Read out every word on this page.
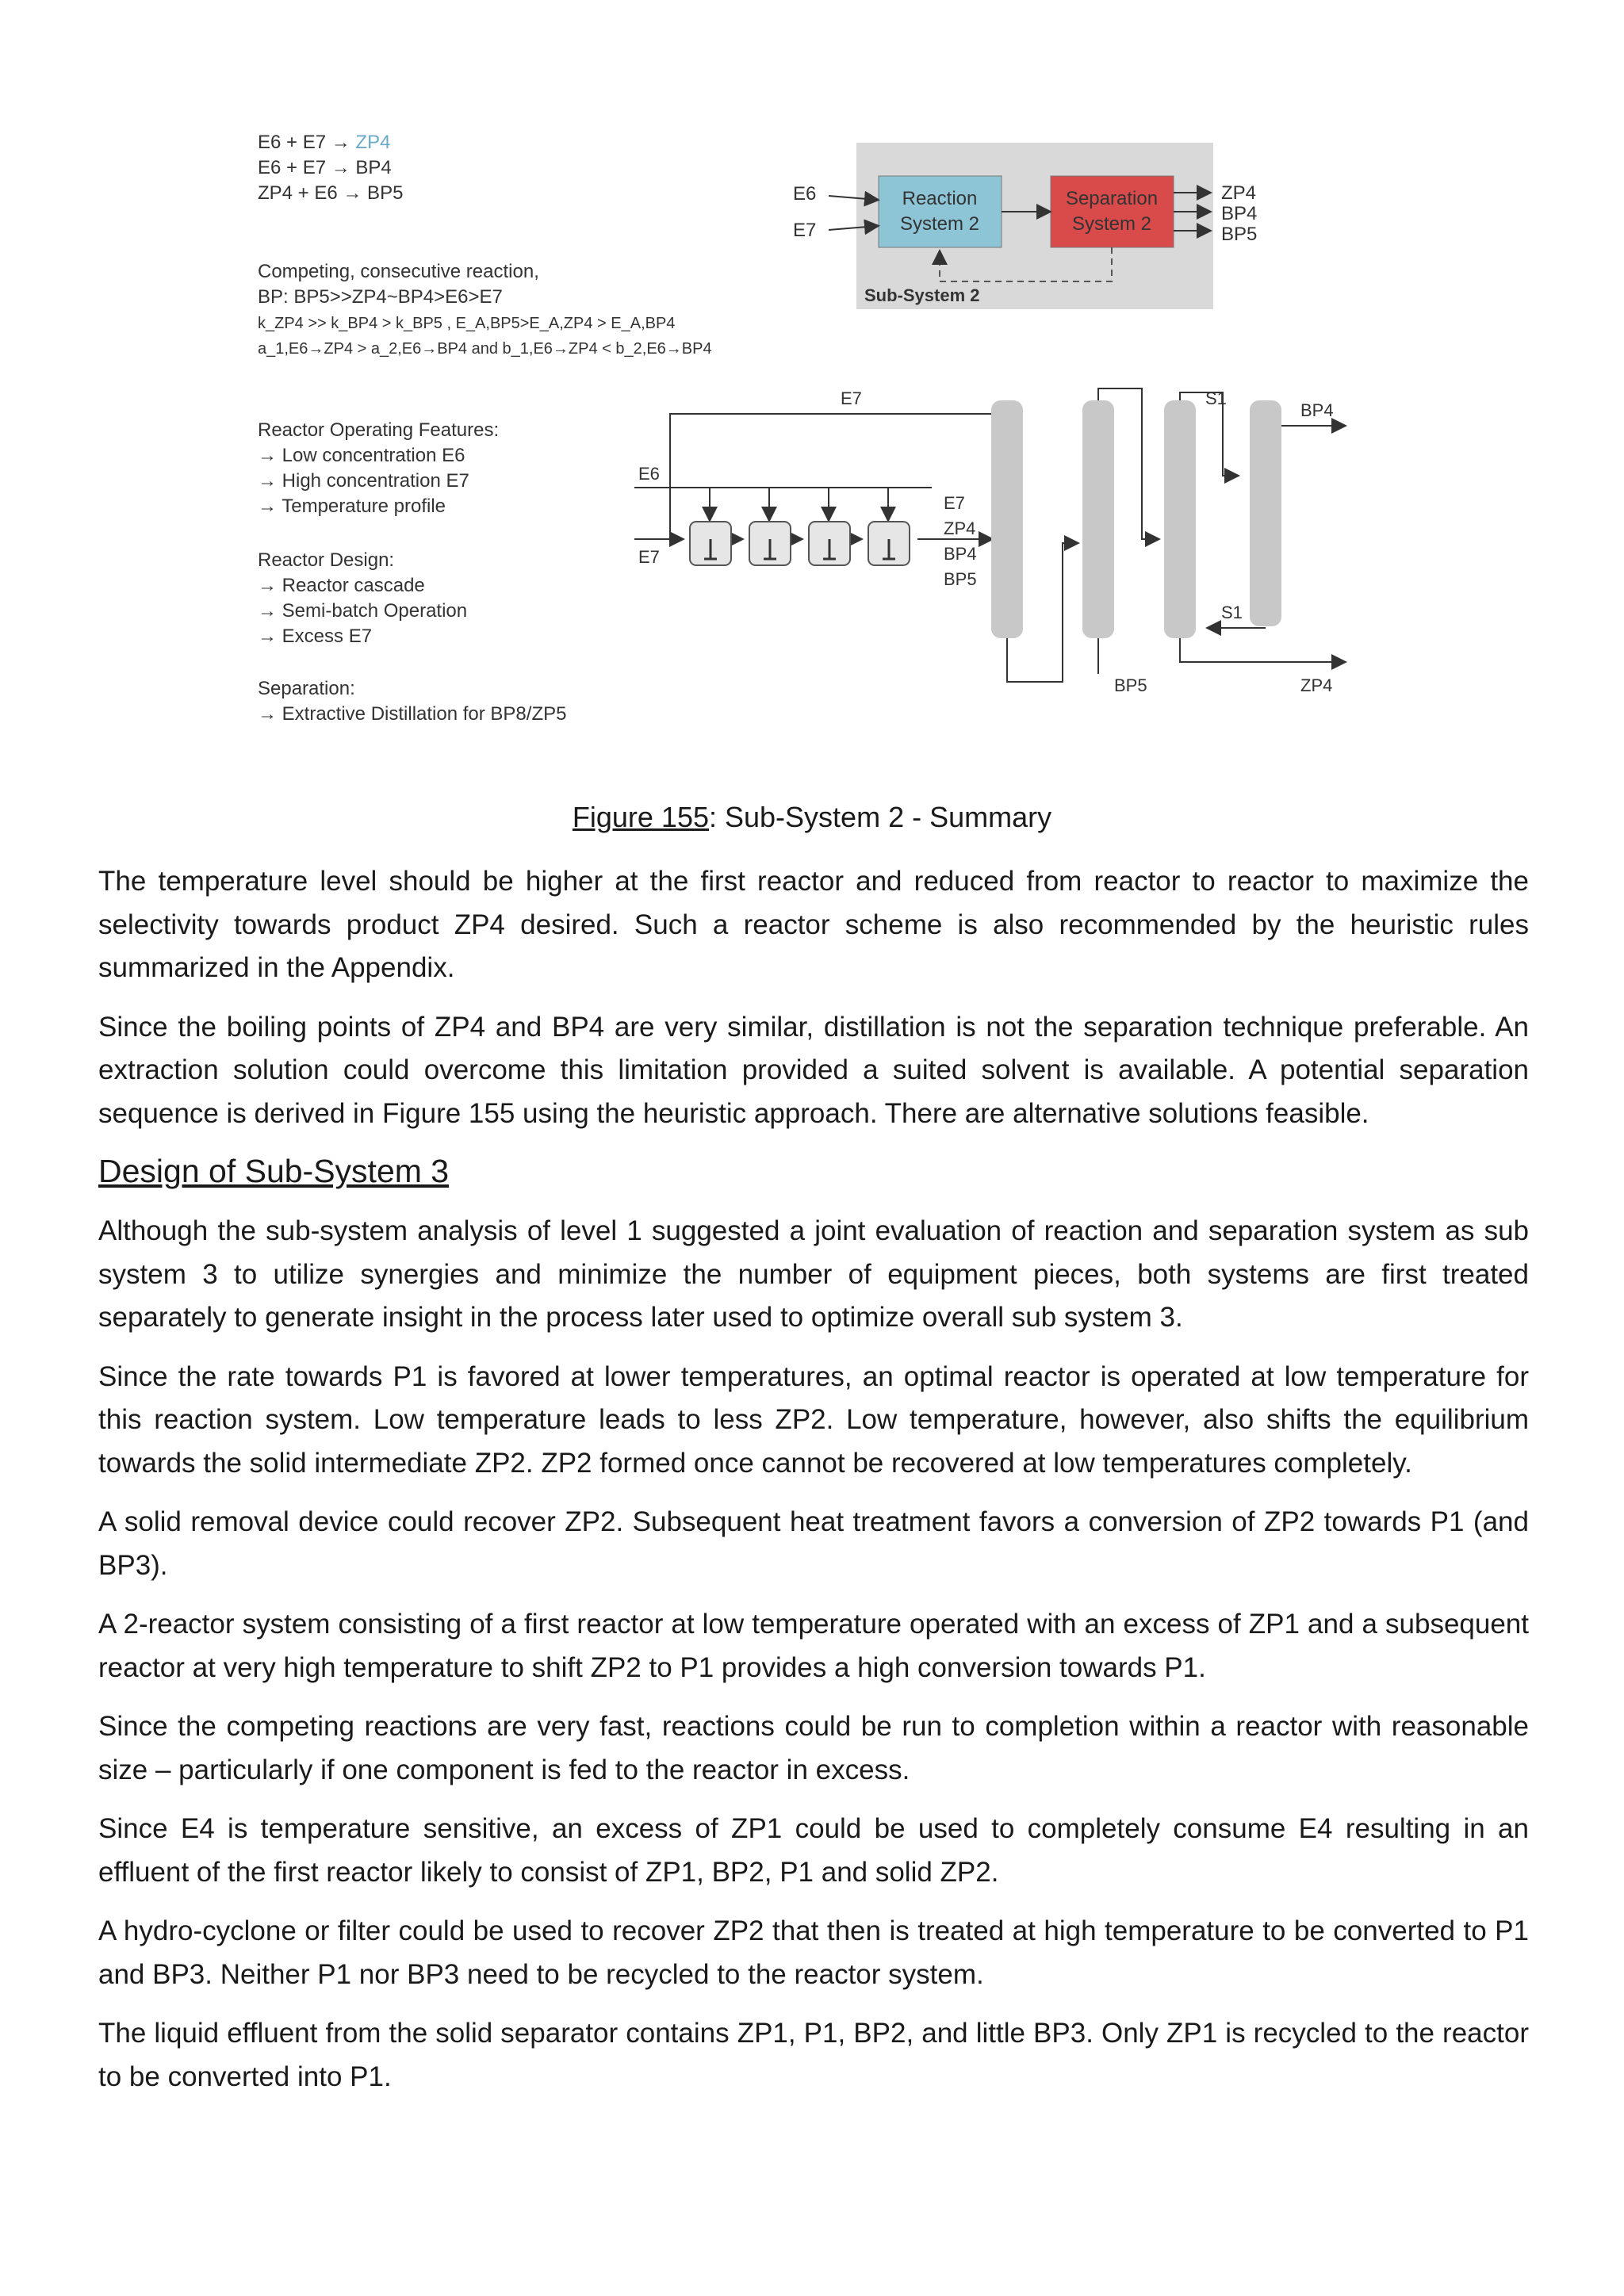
E6 + E7 → ZP4
E6 + E7 → BP4
ZP4 + E6 → BP5
Competing, consecutive reaction,
BP: BP5>>ZP4~BP4>E6>E7
k_ZP4 >> k_BP4 > k_BP5 , E_A,BP5>E_A,ZP4 > E_A,BP4
a_1,E6→ZP4 > a_2,E6→BP4 and b_1,E6→ZP4 < b_2,E6→BP4
Reactor Operating Features:
→ Low concentration E6
→ High concentration E7
→ Temperature profile
Reactor Design:
→ Reactor cascade
→ Semi-batch Operation
→ Excess E7
Separation:
→ Extractive Distillation for BP8/ZP5
Reaction
System 2
Separation
System 2
E6
E7
ZP4
BP4
BP5
Sub-System 2
E7
E6
E7
E7
ZP4
BP4
BP5
S1
BP4
S1
BP5	ZP4
Figure 155: Sub-System 2 - Summary

The temperature level should be higher at the first reactor and reduced from reactor to reactor to maximize the selectivity towards product ZP4 desired. Such a reactor scheme is also recommended by the heuristic rules summarized in the Appendix.

Since the boiling points of ZP4 and BP4 are very similar, distillation is not the separation technique preferable. An extraction solution could overcome this limitation provided a suited solvent is available. A potential separation sequence is derived in Figure 155 using the heuristic approach. There are alternative solutions feasible.

Design of Sub-System 3

Although the sub-system analysis of level 1 suggested a joint evaluation of reaction and separation system as sub system 3 to utilize synergies and minimize the number of equipment pieces, both systems are first treated separately to generate insight in the process later used to optimize overall sub system 3.

Since the rate towards P1 is favored at lower temperatures, an optimal reactor is operated at low temperature for this reaction system. Low temperature leads to less ZP2. Low temperature, however, also shifts the equilibrium towards the solid intermediate ZP2. ZP2 formed once cannot be recovered at low temperatures completely.

A solid removal device could recover ZP2. Subsequent heat treatment favors a conversion of ZP2 towards P1 (and BP3).

A 2-reactor system consisting of a first reactor at low temperature operated with an excess of ZP1 and a subsequent reactor at very high temperature to shift ZP2 to P1 provides a high conversion towards P1.

Since the competing reactions are very fast, reactions could be run to completion within a reactor with reasonable size – particularly if one component is fed to the reactor in excess.

Since E4 is temperature sensitive, an excess of ZP1 could be used to completely consume E4 resulting in an effluent of the first reactor likely to consist of ZP1, BP2, P1 and solid ZP2.

A hydro-cyclone or filter could be used to recover ZP2 that then is treated at high temperature to be converted to P1 and BP3. Neither P1 nor BP3 need to be recycled to the reactor system.

The liquid effluent from the solid separator contains ZP1, P1, BP2, and little BP3. Only ZP1 is recycled to the reactor to be converted into P1.
